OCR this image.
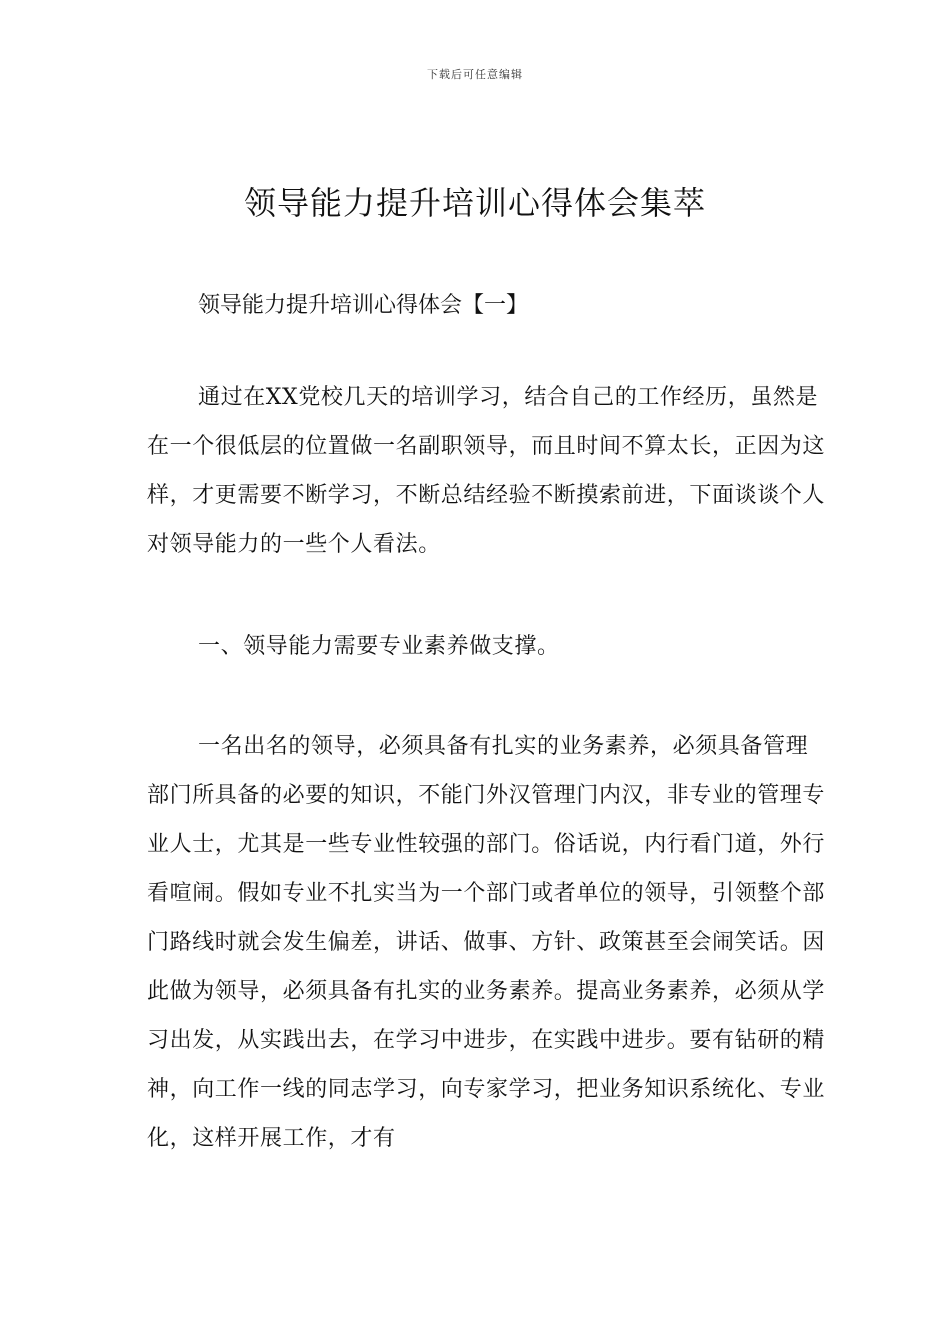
下载后可任意编辑
领导能力提升培训心得体会集萃
领导能力提升培训心得体会【一】

通过在XX党校几天的培训学习，结合自己的工作经历，虽然是在一个很低层的位置做一名副职领导，而且时间不算太长，正因为这样，才更需要不断学习，不断总结经验不断摸索前进，下面谈谈个人对领导能力的一些个人看法。

一、领导能力需要专业素养做支撑。

一名出名的领导，必须具备有扎实的业务素养，必须具备管理部门所具备的必要的知识，不能门外汉管理门内汉，非专业的管理专业人士，尤其是一些专业性较强的部门。俗话说，内行看门道，外行看喧闹。假如专业不扎实当为一个部门或者单位的领导，引领整个部门路线时就会发生偏差，讲话、做事、方针、政策甚至会闹笑话。因此做为领导，必须具备有扎实的业务素养。提高业务素养，必须从学习出发，从实践出去，在学习中进步，在实践中进步。要有钻研的精神，向工作一线的同志学习，向专家学习，把业务知识系统化、专业化，这样开展工作，才有
